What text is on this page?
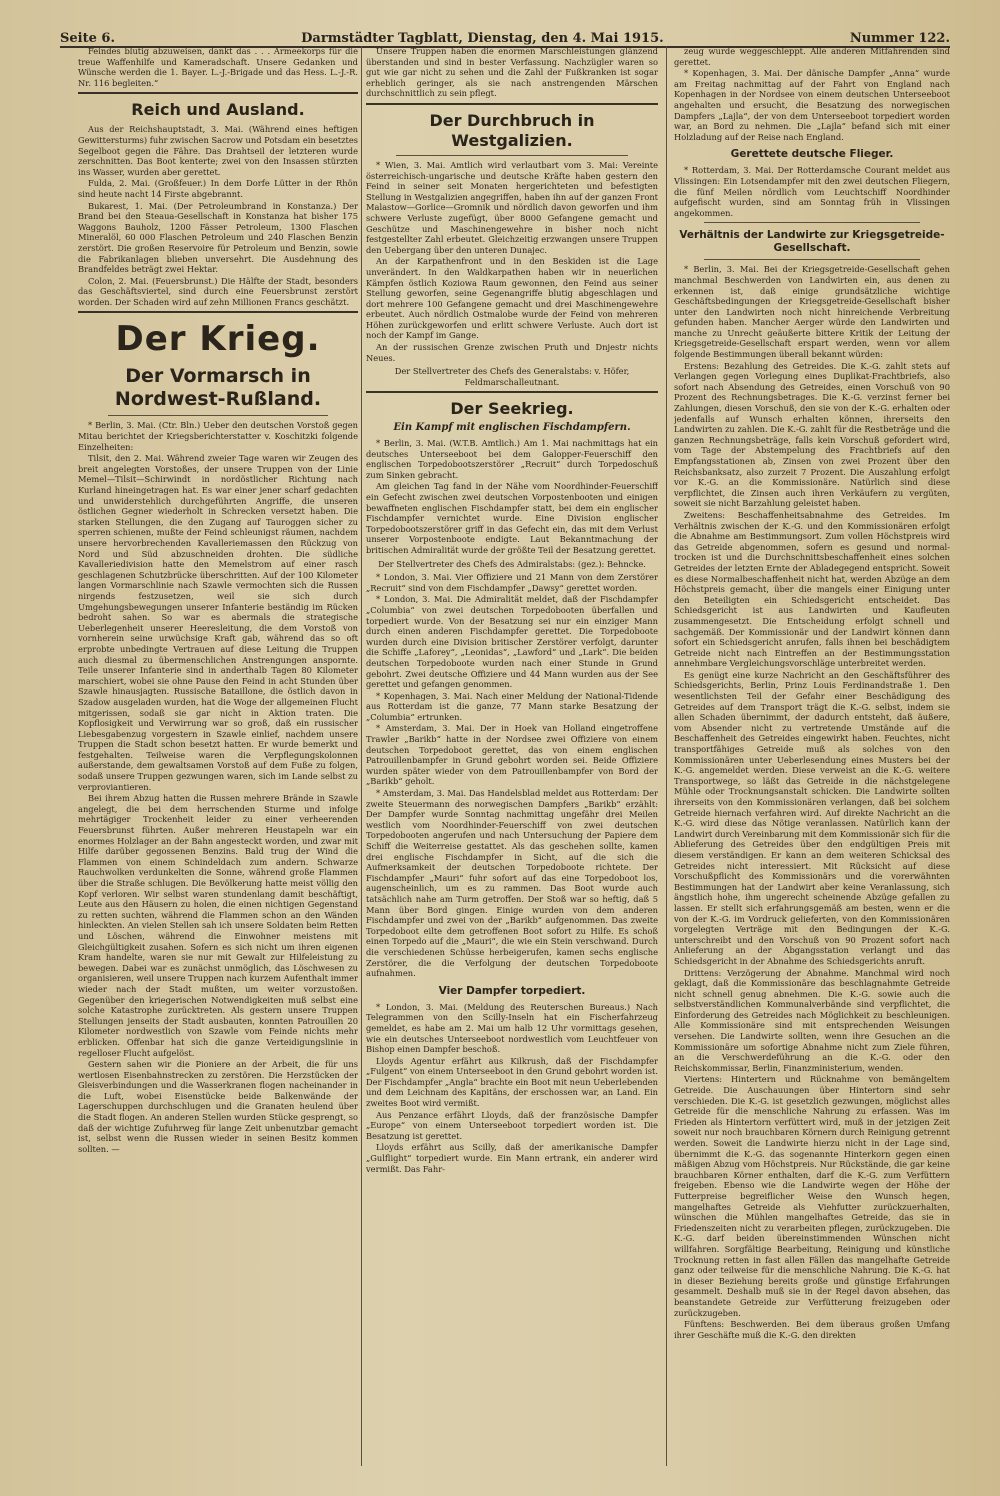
Seite 6.	Darmstädter Tagblatt, Dienstag, den 4. Mai 1915.	Nummer 122.

Feindes blutig abzuweisen, dankt das . . . Armeekorps für die treue Waffenhilfe und Kameradschaft. Unsere Gedanken und Wünsche werden die 1. Bayer. L.-J.-Brigade und das Hess. L.-J.-R. Nr. 116 begleiten.“

Reich und Ausland.

Aus der Reichshauptstadt, 3. Mai. (Während eines heftigen Gewittersturms) fuhr zwischen Sacrow und Potsdam ein besetztes Segelboot gegen die Fähre. Das Drahtseil der letzteren wurde zerschnitten. Das Boot kenterte; zwei von den Insassen stürzten ins Wasser, wurden aber gerettet.

Fulda, 2. Mai. (Großfeuer.) In dem Dorfe Lütter in der Rhön sind heute nacht 14 Firste abgebrannt.

Bukarest, 1. Mai. (Der Petroleumbrand in Konstanza.) Der Brand bei den Steaua-Gesellschaft in Konstanza hat bisher 175 Waggons Bauholz, 1200 Fässer Petroleum, 1300 Flaschen Mineralöl, 60 000 Flaschen Petroleum und 240 Flaschen Benzin zerstört. Die großen Reservoire für Petroleum und Benzin, sowie die Fabrikanlagen blieben unversehrt. Die Ausdehnung des Brandfeldes beträgt zwei Hektar.

Colon, 2. Mai. (Feuersbrunst.) Die Hälfte der Stadt, besonders das Geschäftsviertel, sind durch eine Feuersbrunst zerstört worden. Der Schaden wird auf zehn Millionen Francs geschätzt.

Der Krieg.
Der Vormarsch in Nordwest-Rußland.

* Berlin, 3. Mai. (Ctr. Bln.) Ueber den deutschen Vorstoß gegen Mitau berichtet der Kriegsberichterstatter v. Koschitzki folgende Einzelheiten:

Tilsit, den 2. Mai. Während zweier Tage waren wir Zeugen des breit angelegten Vorstoßes, der unsere Truppen von der Linie Memel—Tilsit—Schirwindt in nordöstlicher Richtung nach Kurland hineingetragen hat. Es war einer jener scharf gedachten und unwiderstehlich durchgeführten Angriffe, die unseren östlichen Gegner wiederholt in Schrecken versetzt haben. Die starken Stellungen, die den Zugang auf Tauroggen sicher zu sperren schienen, mußte der Feind schleunigst räumen, nachdem unsere hervorbrechenden Kavalleriemassen den Rückzug von Nord und Süd abzuschneiden drohten. Die südliche Kavalleriedivision hatte den Memelstrom auf einer rasch geschlagenen Schutzbrücke überschritten. Auf der 100 Kilometer langen Vormarschlinie nach Szawle vermochten sich die Russen nirgends festzusetzen, weil sie sich durch Umgehungsbewegungen unserer Infanterie beständig im Rücken bedroht sahen. So war es abermals die strategische Ueberlegenheit unserer Heeresleitung, die dem Vorstoß von vornherein seine urwüchsige Kraft gab, während das so oft erprobte unbedingte Vertrauen auf diese Leitung die Truppen auch diesmal zu übermenschlichen Anstrengungen anspornte. Teile unserer Infanterie sind in anderthalb Tagen 80 Kilometer marschiert, wobei sie ohne Pause den Feind in acht Stunden über Szawle hinausjagten. Russische Bataillone, die östlich davon in Szadow ausgeladen wurden, hat die Woge der allgemeinen Flucht mitgerissen, sodaß sie gar nicht in Aktion traten. Die Kopflosigkeit und Verwirrung war so groß, daß ein russischer Liebesgabenzug vorgestern in Szawle einlief, nachdem unsere Truppen die Stadt schon besetzt hatten. Er wurde bemerkt und festgehalten. Teilweise waren die Verpflegungskolonnen außerstande, dem gewaltsamen Vorstoß auf dem Fuße zu folgen, sodaß unsere Truppen gezwungen waren, sich im Lande selbst zu verproviantieren.

Bei ihrem Abzug hatten die Russen mehrere Brände in Szawle angelegt, die bei dem herrschenden Sturme und infolge mehrtägiger Trockenheit leider zu einer verheerenden Feuersbrunst führten. Außer mehreren Heustapeln war ein enormes Holzlager an der Bahn angesteckt worden, und zwar mit Hilfe darüber gegossenen Benzins. Bald trug der Wind die Flammen von einem Schindeldach zum andern. Schwarze Rauchwolken verdunkelten die Sonne, während große Flammen über die Straße schlugen. Die Bevölkerung hatte meist völlig den Kopf verloren. Wir selbst waren stundenlang damit beschäftigt, Leute aus den Häusern zu holen, die einen nichtigen Gegenstand zu retten suchten, während die Flammen schon an den Wänden hinleckten. An vielen Stellen sah ich unsere Soldaten beim Retten und Löschen, während die Einwohner meistens mit Gleichgültigkeit zusahen. Sofern es sich nicht um ihren eigenen Kram handelte, waren sie nur mit Gewalt zur Hilfeleistung zu bewegen. Dabei war es zunächst unmöglich, das Löschwesen zu organisieren, weil unsere Truppen nach kurzem Aufenthalt immer wieder nach der Stadt mußten, um weiter vorzustoßen. Gegenüber den kriegerischen Notwendigkeiten muß selbst eine solche Katastrophe zurücktreten. Als gestern unsere Truppen Stellungen jenseits der Stadt ausbauten, konnten Patrouillen 20 Kilometer nordwestlich von Szawle vom Feinde nichts mehr erblicken. Offenbar hat sich die ganze Verteidigungslinie in regelloser Flucht aufgelöst.

Gestern sahen wir die Pioniere an der Arbeit, die für uns wertlosen Eisenbahnstrecken zu zerstören. Die Herzstücken der Gleisverbindungen und die Wasserkranen flogen nacheinander in die Luft, wobei Eisenstücke beide Balkenwände der Lagerschuppen durchschlugen und die Granaten heulend über die Stadt flogen. An anderen Stellen wurden Stücke gesprengt, so daß der wichtige Zufuhrweg für lange Zeit unbenutzbar gemacht ist, selbst wenn die Russen wieder in seinen Besitz kommen sollten. —

Unsere Truppen haben die enormen Marschleistungen glänzend überstanden und sind in bester Verfassung. Nachzügler waren so gut wie gar nicht zu sehen und die Zahl der Fußkranken ist sogar erheblich geringer, als sie nach anstrengenden Märschen durchschnittlich zu sein pflegt.

Der Durchbruch in Westgalizien.

* Wien, 3. Mai. Amtlich wird verlautbart vom 3. Mai: Vereinte österreichisch-ungarische und deutsche Kräfte haben gestern den Feind in seiner seit Monaten hergerichteten und befestigten Stellung in Westgalizien angegriffen, haben ihn auf der ganzen Front Malastow—Gorlice—Gromnik und nördlich davon geworfen und ihm schwere Verluste zugefügt, über 8000 Gefangene gemacht und Geschütze und Maschinengewehre in bisher noch nicht festgestellter Zahl erbeutet. Gleichzeitig erzwangen unsere Truppen den Uebergang über den unteren Dunajec.

An der Karpathenfront und in den Beskiden ist die Lage unverändert. In den Waldkarpathen haben wir in neuerlichen Kämpfen östlich Koziowa Raum gewonnen, den Feind aus seiner Stellung geworfen, seine Gegenangriffe blutig abgeschlagen und dort mehrere 100 Gefangene gemacht und drei Maschinengewehre erbeutet. Auch nördlich Ostmalobe wurde der Feind von mehreren Höhen zurückgeworfen und erlitt schwere Verluste. Auch dort ist noch der Kampf im Gange.

An der russischen Grenze zwischen Pruth und Dnjestr nichts Neues.

Der Stellvertreter des Chefs des Generalstabs: v. Höfer, Feldmarschalleutnant.

Der Seekrieg.
Ein Kampf mit englischen Fischdampfern.

* Berlin, 3. Mai. (W.T.B. Amtlich.) Am 1. Mai nachmittags hat ein deutsches Unterseeboot bei dem Galopper-Feuerschiff den englischen Torpedobootszerstörer „Recruit“ durch Torpedoschuß zum Sinken gebracht.

Am gleichen Tag fand in der Nähe vom Noordhinder-Feuerschiff ein Gefecht zwischen zwei deutschen Vorpostenbooten und einigen bewaffneten englischen Fischdampfer statt, bei dem ein englischer Fischdampfer vernichtet wurde. Eine Division englischer Torpedobootszerstörer griff in das Gefecht ein, das mit dem Verlust unserer Vorpostenboote endigte. Laut Bekanntmachung der britischen Admiralität wurde der größte Teil der Besatzung gerettet.

Der Stellvertreter des Chefs des Admiralstabs: (gez.): Behncke.

* London, 3. Mai. Vier Offiziere und 21 Mann von dem Zerstörer „Recruit“ sind von dem Fischdampfer „Dawsy“ gerettet worden.

* London, 3. Mai. Die Admiralität meldet, daß der Fischdampfer „Columbia“ von zwei deutschen Torpedobooten überfallen und torpediert wurde. Von der Besatzung sei nur ein einziger Mann durch einen anderen Fischdampfer gerettet. Die Torpedoboote wurden durch eine Division britischer Zerstörer verfolgt, darunter die Schiffe „Laforey“, „Leonidas“, „Lawford“ und „Lark“. Die beiden deutschen Torpedoboote wurden nach einer Stunde in Grund gebohrt. Zwei deutsche Offiziere und 44 Mann wurden aus der See gerettet und gefangen genommen.

* Kopenhagen, 3. Mai. Nach einer Meldung der National-Tidende aus Rotterdam ist die ganze, 77 Mann starke Besatzung der „Columbia“ ertrunken.

* Amsterdam, 3. Mai. Der in Hoek van Holland eingetroffene Trawler „Barikb“ hatte in der Nordsee zwei Offiziere von einem deutschen Torpedoboot gerettet, das von einem englischen Patrouillenbampfer in Grund gebohrt worden sei. Beide Offiziere wurden später wieder von dem Patrouillenbampfer von Bord der „Barikb“ geholt.

* Amsterdam, 3. Mai. Das Handelsblad meldet aus Rotterdam: Der zweite Steuermann des norwegischen Dampfers „Barikb“ erzählt: Der Dampfer wurde Sonntag nachmittag ungefähr drei Meilen westlich vom Noordhinder-Feuerschiff von zwei deutschen Torpedobooten angerufen und nach Untersuchung der Papiere dem Schiff die Weiterreise gestattet. Als das geschehen sollte, kamen drei englische Fischdampfer in Sicht, auf die sich die Aufmerksamkeit der deutschen Torpedoboote richtete. Der Fischdampfer „Mauri“ fuhr sofort auf das eine Torpedoboot los, augenscheinlich, um es zu rammen. Das Boot wurde auch tatsächlich nahe am Turm getroffen. Der Stoß war so heftig, daß 5 Mann über Bord gingen. Einige wurden von dem anderen Fischdampfer und zwei von der „Barikb“ aufgenommen. Das zweite Torpedoboot eilte dem getroffenen Boot sofort zu Hilfe. Es schoß einen Torpedo auf die „Mauri“, die wie ein Stein verschwand. Durch die verschiedenen Schüsse herbeigerufen, kamen sechs englische Zerstörer, die die Verfolgung der deutschen Torpedoboote aufnahmen.

Vier Dampfer torpediert.

* London, 3. Mai. (Meldung des Reuterschen Bureaus.) Nach Telegrammen von den Scilly-Inseln hat ein Fischerfahrzeug gemeldet, es habe am 2. Mai um halb 12 Uhr vormittags gesehen, wie ein deutsches Unterseeboot nordwestlich vom Leuchtfeuer von Bishop einen Dampfer beschoß.

Lloyds Agentur erfährt aus Kilkrush, daß der Fischdampfer „Fulgent“ von einem Unterseeboot in den Grund gebohrt worden ist. Der Fischdampfer „Angla“ brachte ein Boot mit neun Ueberlebenden und dem Leichnam des Kapitäns, der erschossen war, an Land. Ein zweites Boot wird vermißt.

Aus Penzance erfährt Lloyds, daß der französische Dampfer „Europe“ von einem Unterseeboot torpediert worden ist. Die Besatzung ist gerettet.

Lloyds erfährt aus Scilly, daß der amerikanische Dampfer „Gulflight“ torpediert wurde. Ein Mann ertrank, ein anderer wird vermißt. Das Fahr-

zeug wurde weggeschleppt. Alle anderen Mitfahrenden sind gerettet.

* Kopenhagen, 3. Mai. Der dänische Dampfer „Anna“ wurde am Freitag nachmittag auf der Fahrt von England nach Kopenhagen in der Nordsee von einem deutschen Unterseeboot angehalten und ersucht, die Besatzung des norwegischen Dampfers „Lajla“, der von dem Unterseeboot torpediert worden war, an Bord zu nehmen. Die „Lajla“ befand sich mit einer Holzladung auf der Reise nach England.

Gerettete deutsche Flieger.

* Rotterdam, 3. Mai. Der Rotterdamsche Courant meldet aus Vlissingen: Ein Lotsendampfer mit den zwei deutschen Fliegern, die fünf Meilen nördlich vom Leuchtschiff Noordhinder aufgefischt wurden, sind am Sonntag früh in Vlissingen angekommen.

Verhältnis der Landwirte zur Kriegsgetreide-Gesellschaft.

* Berlin, 3. Mai. Bei der Kriegsgetreide-Gesellschaft gehen manchmal Beschwerden von Landwirten ein, aus denen zu erkennen ist, daß einige grundsätzliche wichtige Geschäftsbedingungen der Kriegsgetreide-Gesellschaft bisher unter den Landwirten noch nicht hinreichende Verbreitung gefunden haben. Mancher Aerger würde den Landwirten und manche zu Unrecht geäußerte bittere Kritik der Leitung der Kriegsgetreide-Gesellschaft erspart werden, wenn vor allem folgende Bestimmungen überall bekannt würden:

Erstens: Bezahlung des Getreides. Die K.-G. zahlt stets auf Verlangen gegen Vorlegung eines Duplikat-Frachtbriefs, also sofort nach Absendung des Getreides, einen Vorschuß von 90 Prozent des Rechnungsbetrages. Die K.-G. verzinst ferner bei Zahlungen, diesen Vorschuß, den sie von der K.-G. erhalten oder jedenfalls auf Wunsch erhalten können, ihrerseits den Landwirten zu zahlen. Die K.-G. zahlt für die Restbeträge und die ganzen Rechnungsbeträge, falls kein Vorschuß gefordert wird, vom Tage der Abstempelung des Frachtbriefs auf den Empfangsstationen ab, Zinsen von zwei Prozent über den Reichsbanksatz, also zurzeit 7 Prozent. Die Auszahlung erfolgt vor K.-G. an die Kommissionäre. Natürlich sind diese verpflichtet, die Zinsen auch ihren Verkäufern zu vergüten, soweit sie nicht Barzahlung geleistet haben.

Zweitens: Beschaffenheitsabnahme des Getreides. Im Verhältnis zwischen der K.-G. und den Kommissionären erfolgt die Abnahme am Bestimmungsort. Zum vollen Höchstpreis wird das Getreide abgenommen, sofern es gesund und normal-trocken ist und die Durchschnittsbeschaffenheit eines solchen Getreides der letzten Ernte der Abladegegend entspricht. Soweit es diese Normalbeschaffenheit nicht hat, werden Abzüge an dem Höchstpreis gemacht, über die mangels einer Einigung unter den Beteiligten ein Schiedsgericht entscheidet. Das Schiedsgericht ist aus Landwirten und Kaufleuten zusammengesetzt. Die Entscheidung erfolgt schnell und sachgemäß. Der Kommissionär und der Landwirt können dann sofort ein Schiedsgericht anrufen, falls ihnen bei beschädigtem Getreide nicht nach Eintreffen an der Bestimmungsstation annehmbare Vergleichungsvorschläge unterbreitet werden.

Es genügt eine kurze Nachricht an den Geschäftsführer des Schiedsgerichts, Berlin, Prinz Louis Ferdinandstraße 1. Den wesentlichsten Teil der Gefahr einer Beschädigung des Getreides auf dem Transport trägt die K.-G. selbst, indem sie allen Schaden übernimmt, der dadurch entsteht, daß äußere, vom Absender nicht zu vertretende Umstände auf die Beschaffenheit des Getreides eingewirkt haben. Feuchtes, nicht transportfähiges Getreide muß als solches von den Kommissionären unter Ueberlesendung eines Musters bei der K.-G. angemeldet werden. Diese verweist an die K.-G. weitere Transportwege, so läßt das Getreide in die nächstgelegene Mühle oder Trocknungsanstalt schicken. Die Landwirte sollten ihrerseits von den Kommissionären verlangen, daß bei solchem Getreide hiernach verfahren wird. Auf direkte Nachricht an die K.-G. wird diese das Nötige veranlassen. Natürlich kann der Landwirt durch Vereinbarung mit dem Kommissionär sich für die Ablieferung des Getreides über den endgültigen Preis mit diesem verständigen. Er kann an dem weiteren Schicksal des Getreides nicht interessiert. Mit Rücksicht auf diese Vorschußpflicht des Kommissionärs und die vorerwähnten Bestimmungen hat der Landwirt aber keine Veranlassung, sich ängstlich hohe, ihm ungerecht scheinende Abzüge gefallen zu lassen. Er stellt sich erfahrungsgemäß am besten, wenn er die von der K.-G. im Vordruck gelieferten, von den Kommissionären vorgelegten Verträge mit den Bedingungen der K.-G. unterschreibt und den Vorschuß von 90 Prozent sofort nach Anlieferung an der Abgangsstation verlangt und das Schiedsgericht in der Abnahme des Schiedsgerichts anruft.

Drittens: Verzögerung der Abnahme. Manchmal wird noch geklagt, daß die Kommissionäre das beschlagnahmte Getreide nicht schnell genug abnehmen. Die K.-G. sowie auch die selbstverständlichen Kommunalverbände sind verpflichtet, die Einforderung des Getreides nach Möglichkeit zu beschleunigen. Alle Kommissionäre sind mit entsprechenden Weisungen versehen. Die Landwirte sollten, wenn ihre Gesuchen an die Kommissionäre um sofortige Abnahme nicht zum Ziele führen, an die Verschwerdeführung an die K.-G. oder den Reichskommissar, Berlin, Finanzministerium, wenden.

Viertens: Hintertern und Rücknahme von bemängeltem Getreide. Die Auschauungen über Hintertorn sind sehr verschieden. Die K.-G. ist gesetzlich gezwungen, möglichst alles Getreide für die menschliche Nahrung zu erfassen. Was im Frieden als Hintertorn verfüttert wird, muß in der jetzigen Zeit soweit nur noch brauchbaren Körnern durch Reinigung getrennt werden. Soweit die Landwirte hierzu nicht in der Lage sind, übernimmt die K.-G. das sogenannte Hinterkorn gegen einen mäßigen Abzug vom Höchstpreis. Nur Rückstände, die gar keine brauchbaren Körner enthalten, darf die K.-G. zum Verfüttern freigeben. Ebenso wie die Landwirte wegen der Höhe der Futterpreise begreiflicher Weise den Wunsch hegen, mangelhaftes Getreide als Viehfutter zurückzuerhalten, wünschen die Mühlen mangelhaftes Getreide, das sie in Friedenszeiten nicht zu verarbeiten pflegen, zurückzugeben. Die K.-G. darf beiden übereinstimmenden Wünschen nicht willfahren. Sorgfältige Bearbeitung, Reinigung und künstliche Trocknung retten in fast allen Fällen das mangelhafte Getreide ganz oder teilweise für die menschliche Nahrung. Die K.-G. hat in dieser Beziehung bereits große und günstige Erfahrungen gesammelt. Deshalb muß sie in der Regel davon absehen, das beanstandete Getreide zur Verfütterung freizugeben oder zurückzugeben.

Fünftens: Beschwerden. Bei dem überaus großen Umfang ihrer Geschäfte muß die K.-G. den direkten
